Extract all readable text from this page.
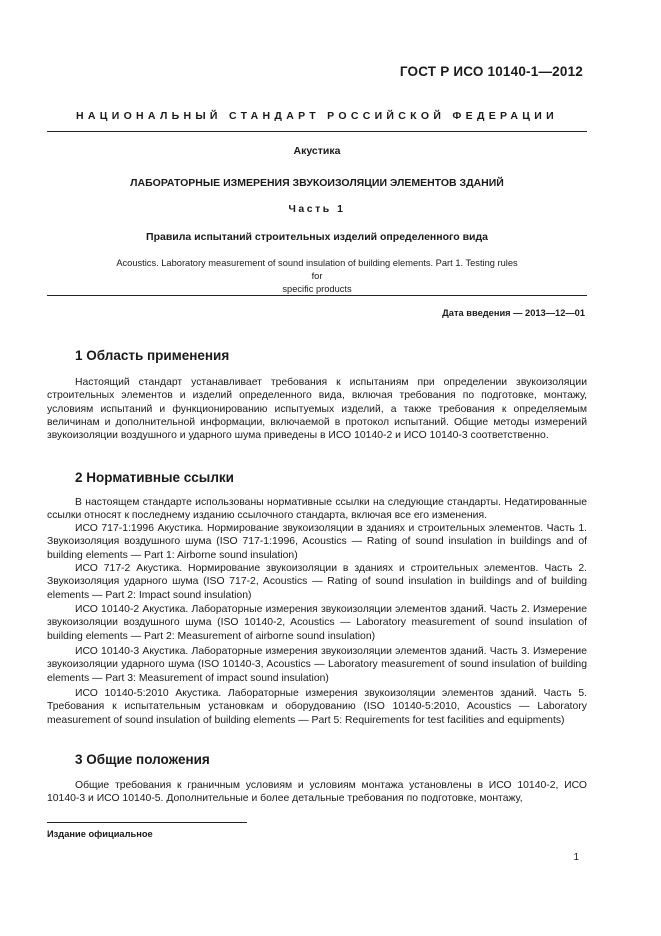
ГОСТ Р ИСО 10140-1—2012
НАЦИОНАЛЬНЫЙ СТАНДАРТ РОССИЙСКОЙ ФЕДЕРАЦИИ
Акустика
ЛАБОРАТОРНЫЕ ИЗМЕРЕНИЯ ЗВУКОИЗОЛЯЦИИ ЭЛЕМЕНТОВ ЗДАНИЙ
Часть 1
Правила испытаний строительных изделий определенного вида
Acoustics. Laboratory measurement of sound insulation of building elements. Part 1. Testing rules for
specific products
Дата введения — 2013—12—01
1 Область применения

Настоящий стандарт устанавливает требования к испытаниям при определении звукоизоляции строительных элементов и изделий определенного вида, включая требования по подготовке, монтажу, условиям испытаний и функционированию испытуемых изделий, а также требования к определяемым величинам и дополнительной информации, включаемой в протокол испытаний. Общие методы измерений звукоизоляции воздушного и ударного шума приведены в ИСО 10140-2 и ИСО 10140-3 соответственно.

2 Нормативные ссылки

В настоящем стандарте использованы нормативные ссылки на следующие стандарты. Недатированные ссылки относят к последнему изданию ссылочного стандарта, включая все его изменения.

ИСО 717-1:1996 Акустика. Нормирование звукоизоляции в зданиях и строительных элементов. Часть 1. Звукоизоляция воздушного шума (ISO 717-1:1996, Acoustics — Rating of sound insulation in buildings and of building elements — Part 1: Airborne sound insulation)

ИСО 717-2 Акустика. Нормирование звукоизоляции в зданиях и строительных элементов. Часть 2. Звукоизоляция ударного шума (ISO 717-2, Acoustics — Rating of sound insulation in buildings and of building elements — Part 2: Impact sound insulation)

ИСО 10140-2 Акустика. Лабораторные измерения звукоизоляции элементов зданий. Часть 2. Измерение звукоизоляции воздушного шума (ISO 10140-2, Acoustics — Laboratory measurement of sound insulation of building elements — Part 2: Measurement of airborne sound insulation)

ИСО 10140-3 Акустика. Лабораторные измерения звукоизоляции элементов зданий. Часть 3. Измерение звукоизоляции ударного шума (ISO 10140-3, Acoustics — Laboratory measurement of sound insulation of building elements — Part 3: Measurement of impact sound insulation)

ИСО 10140-5:2010 Акустика. Лабораторные измерения звукоизоляции элементов зданий. Часть 5. Требования к испытательным установкам и оборудованию (ISO 10140-5:2010, Acoustics — Laboratory measurement of sound insulation of building elements — Part 5: Requirements for test facilities and equipments)

3 Общие положения

Общие требования к граничным условиям и условиям монтажа установлены в ИСО 10140-2, ИСО 10140-3 и ИСО 10140-5. Дополнительные и более детальные требования по подготовке, монтажу,

Издание официальное
1
